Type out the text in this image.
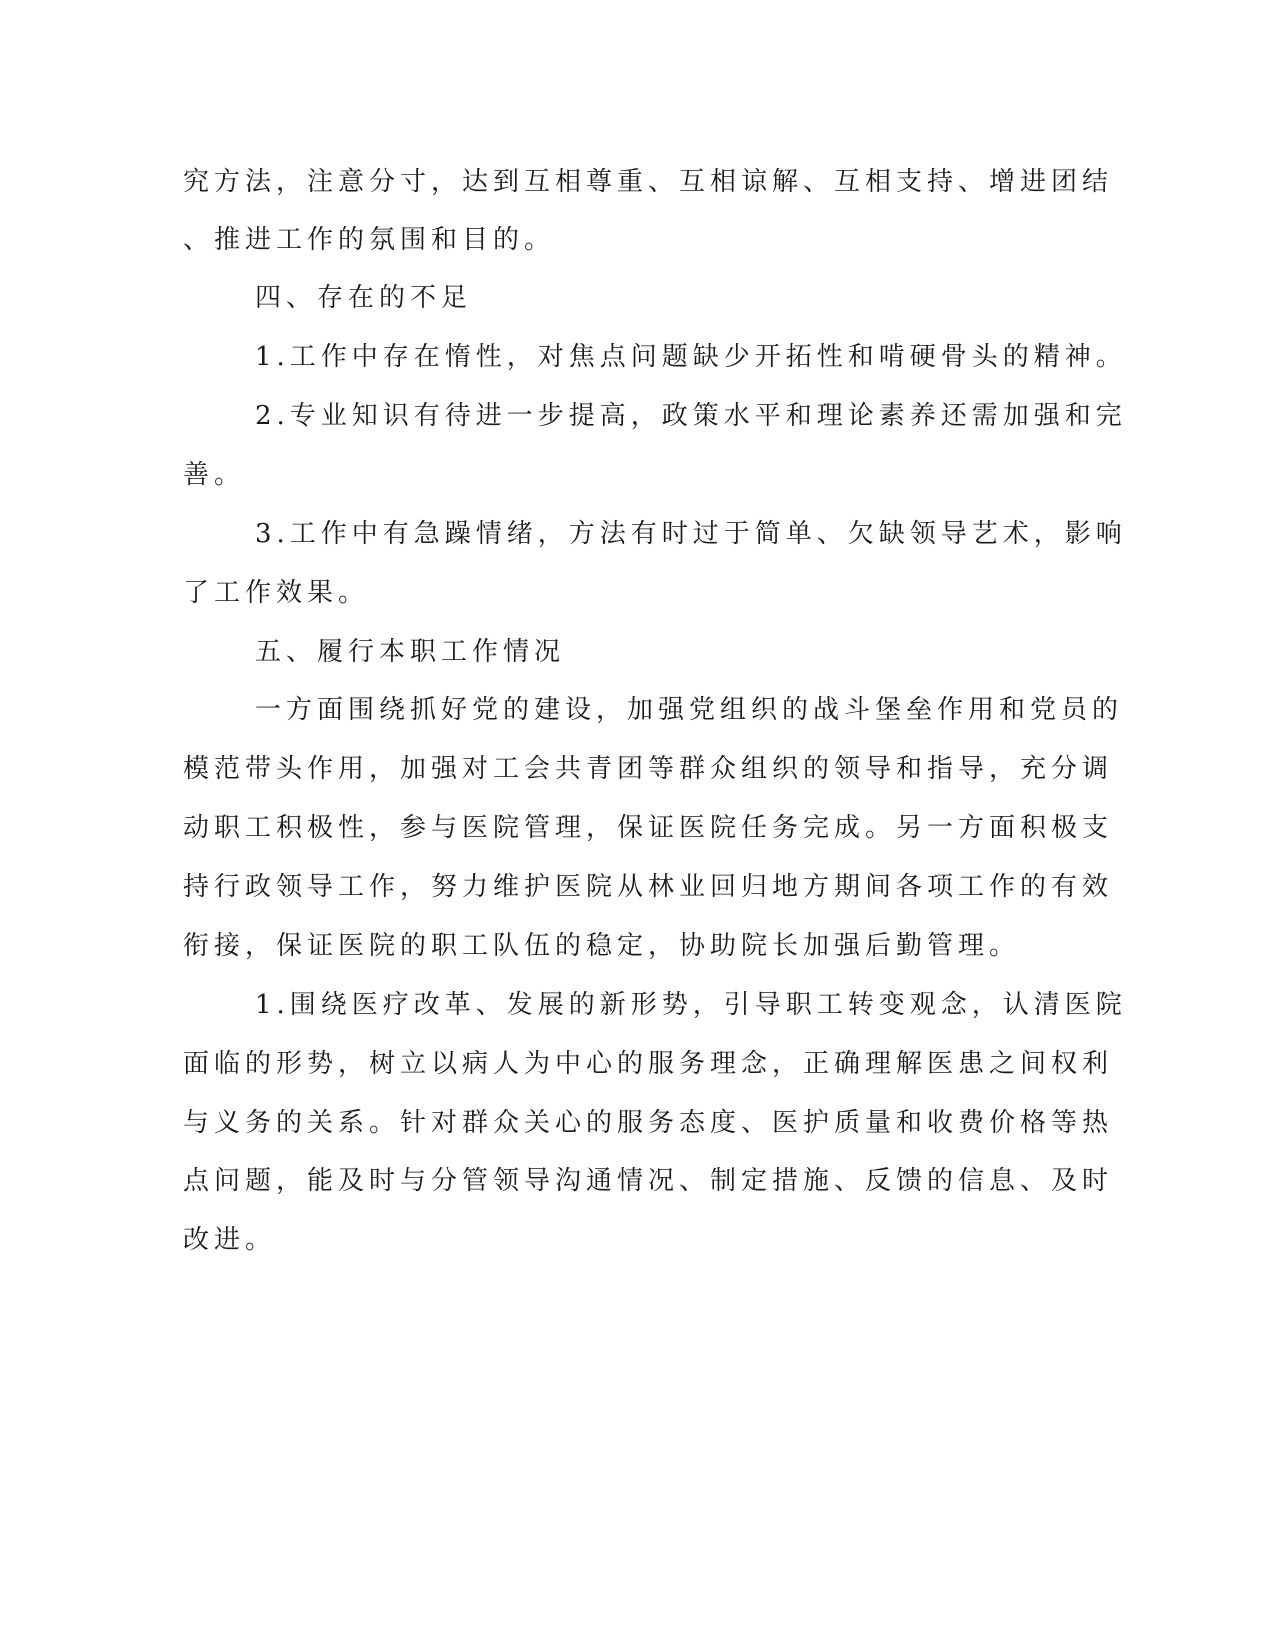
究方法，注意分寸，达到互相尊重、互相谅解、互相支持、增进团结

、推进工作的氛围和目的。

四、存在的不足

1.工作中存在惰性，对焦点问题缺少开拓性和啃硬骨头的精神。

2.专业知识有待进一步提高，政策水平和理论素养还需加强和完

善。

3.工作中有急躁情绪，方法有时过于简单、欠缺领导艺术，影响

了工作效果。

五、履行本职工作情况

一方面围绕抓好党的建设，加强党组织的战斗堡垒作用和党员的

模范带头作用，加强对工会共青团等群众组织的领导和指导，充分调

动职工积极性，参与医院管理，保证医院任务完成。另一方面积极支

持行政领导工作，努力维护医院从林业回归地方期间各项工作的有效

衔接，保证医院的职工队伍的稳定，协助院长加强后勤管理。

1.围绕医疗改革、发展的新形势，引导职工转变观念，认清医院

面临的形势，树立以病人为中心的服务理念，正确理解医患之间权利

与义务的关系。针对群众关心的服务态度、医护质量和收费价格等热

点问题，能及时与分管领导沟通情况、制定措施、反馈的信息、及时

改进。
